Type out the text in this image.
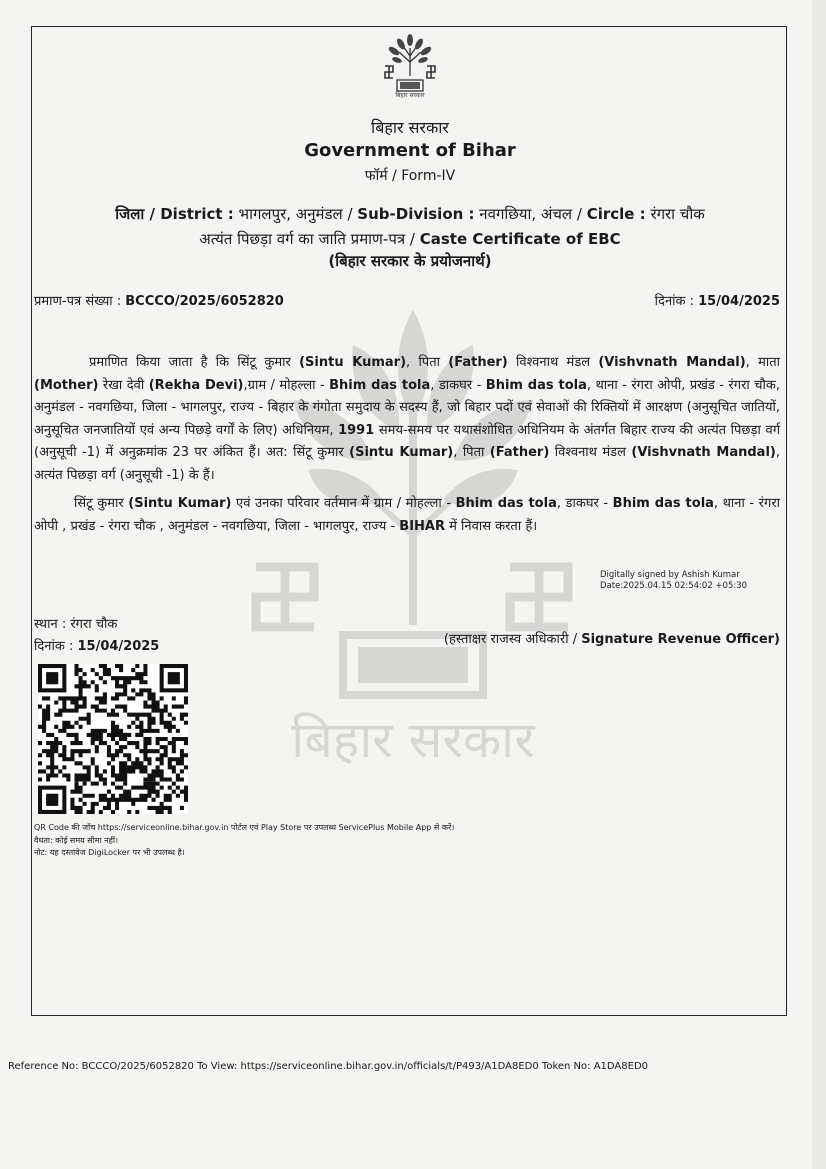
बिहार सरकार
बिहार सरकार
बिहार सरकार
Government of Bihar
फॉर्म / Form-IV
जिला / District : भागलपुर, अनुमंडल / Sub-Division : नवगछिया, अंचल / Circle : रंगरा चौक
अत्यंत पिछड़ा वर्ग का जाति प्रमाण-पत्र / Caste Certificate of EBC
(बिहार सरकार के प्रयोजनार्थ)
प्रमाण-पत्र संख्या : BCCCO/2025/6052820	दिनांक : 15/04/2025
प्रमाणित किया जाता है कि सिंटू कुमार (Sintu Kumar), पिता (Father) विश्वनाथ मंडल (Vishvnath Mandal), माता (Mother) रेखा देवी (Rekha Devi),ग्राम / मोहल्ला - Bhim das tola, डाकघर - Bhim das tola, थाना - रंगरा ओपी, प्रखंड - रंगरा चौक, अनुमंडल - नवगछिया, जिला - भागलपुर, राज्य - बिहार के गंगोता समुदाय के सदस्य हैं, जो बिहार पदों एवं सेवाओं की रिक्तियों में आरक्षण (अनुसूचित जातियों, अनुसूचित जनजातियों एवं अन्य पिछड़े वर्गों के लिए) अधिनियम, 1991 समय-समय पर यथासंशोधित अधिनियम के अंतर्गत बिहार राज्य की अत्यंत पिछड़ा वर्ग (अनुसूची -1) में अनुक्रमांक 23 पर अंकित हैं। अत: सिंटू कुमार (Sintu Kumar), पिता (Father) विश्वनाथ मंडल (Vishvnath Mandal), अत्यंत पिछड़ा वर्ग (अनुसूची -1) के हैं।
सिंटू कुमार (Sintu Kumar) एवं उनका परिवार वर्तमान में ग्राम / मोहल्ला - Bhim das tola, डाकघर - Bhim das tola, थाना - रंगरा ओपी , प्रखंड - रंगरा चौक , अनुमंडल - नवगछिया, जिला - भागलपुर, राज्य - BIHAR में निवास करता हैं।
Digitally signed by Ashish Kumar
Date:2025.04.15 02:54:02 +05:30
स्थान : रंगरा चौक
दिनांक : 15/04/2025	(हस्ताक्षर राजस्व अधिकारी / Signature Revenue Officer)
QR Code की जाँच https://serviceonline.bihar.gov.in पोर्टल एवं Play Store पर उपलब्ध ServicePlus Mobile App से करें।
वैधता: कोई समय सीमा नहीं।
नोट: यह दस्तावेज DigiLocker पर भी उपलब्ध है।
Reference No: BCCCO/2025/6052820 To View: https://serviceonline.bihar.gov.in/officials/t/P493/A1DA8ED0 Token No: A1DA8ED0
